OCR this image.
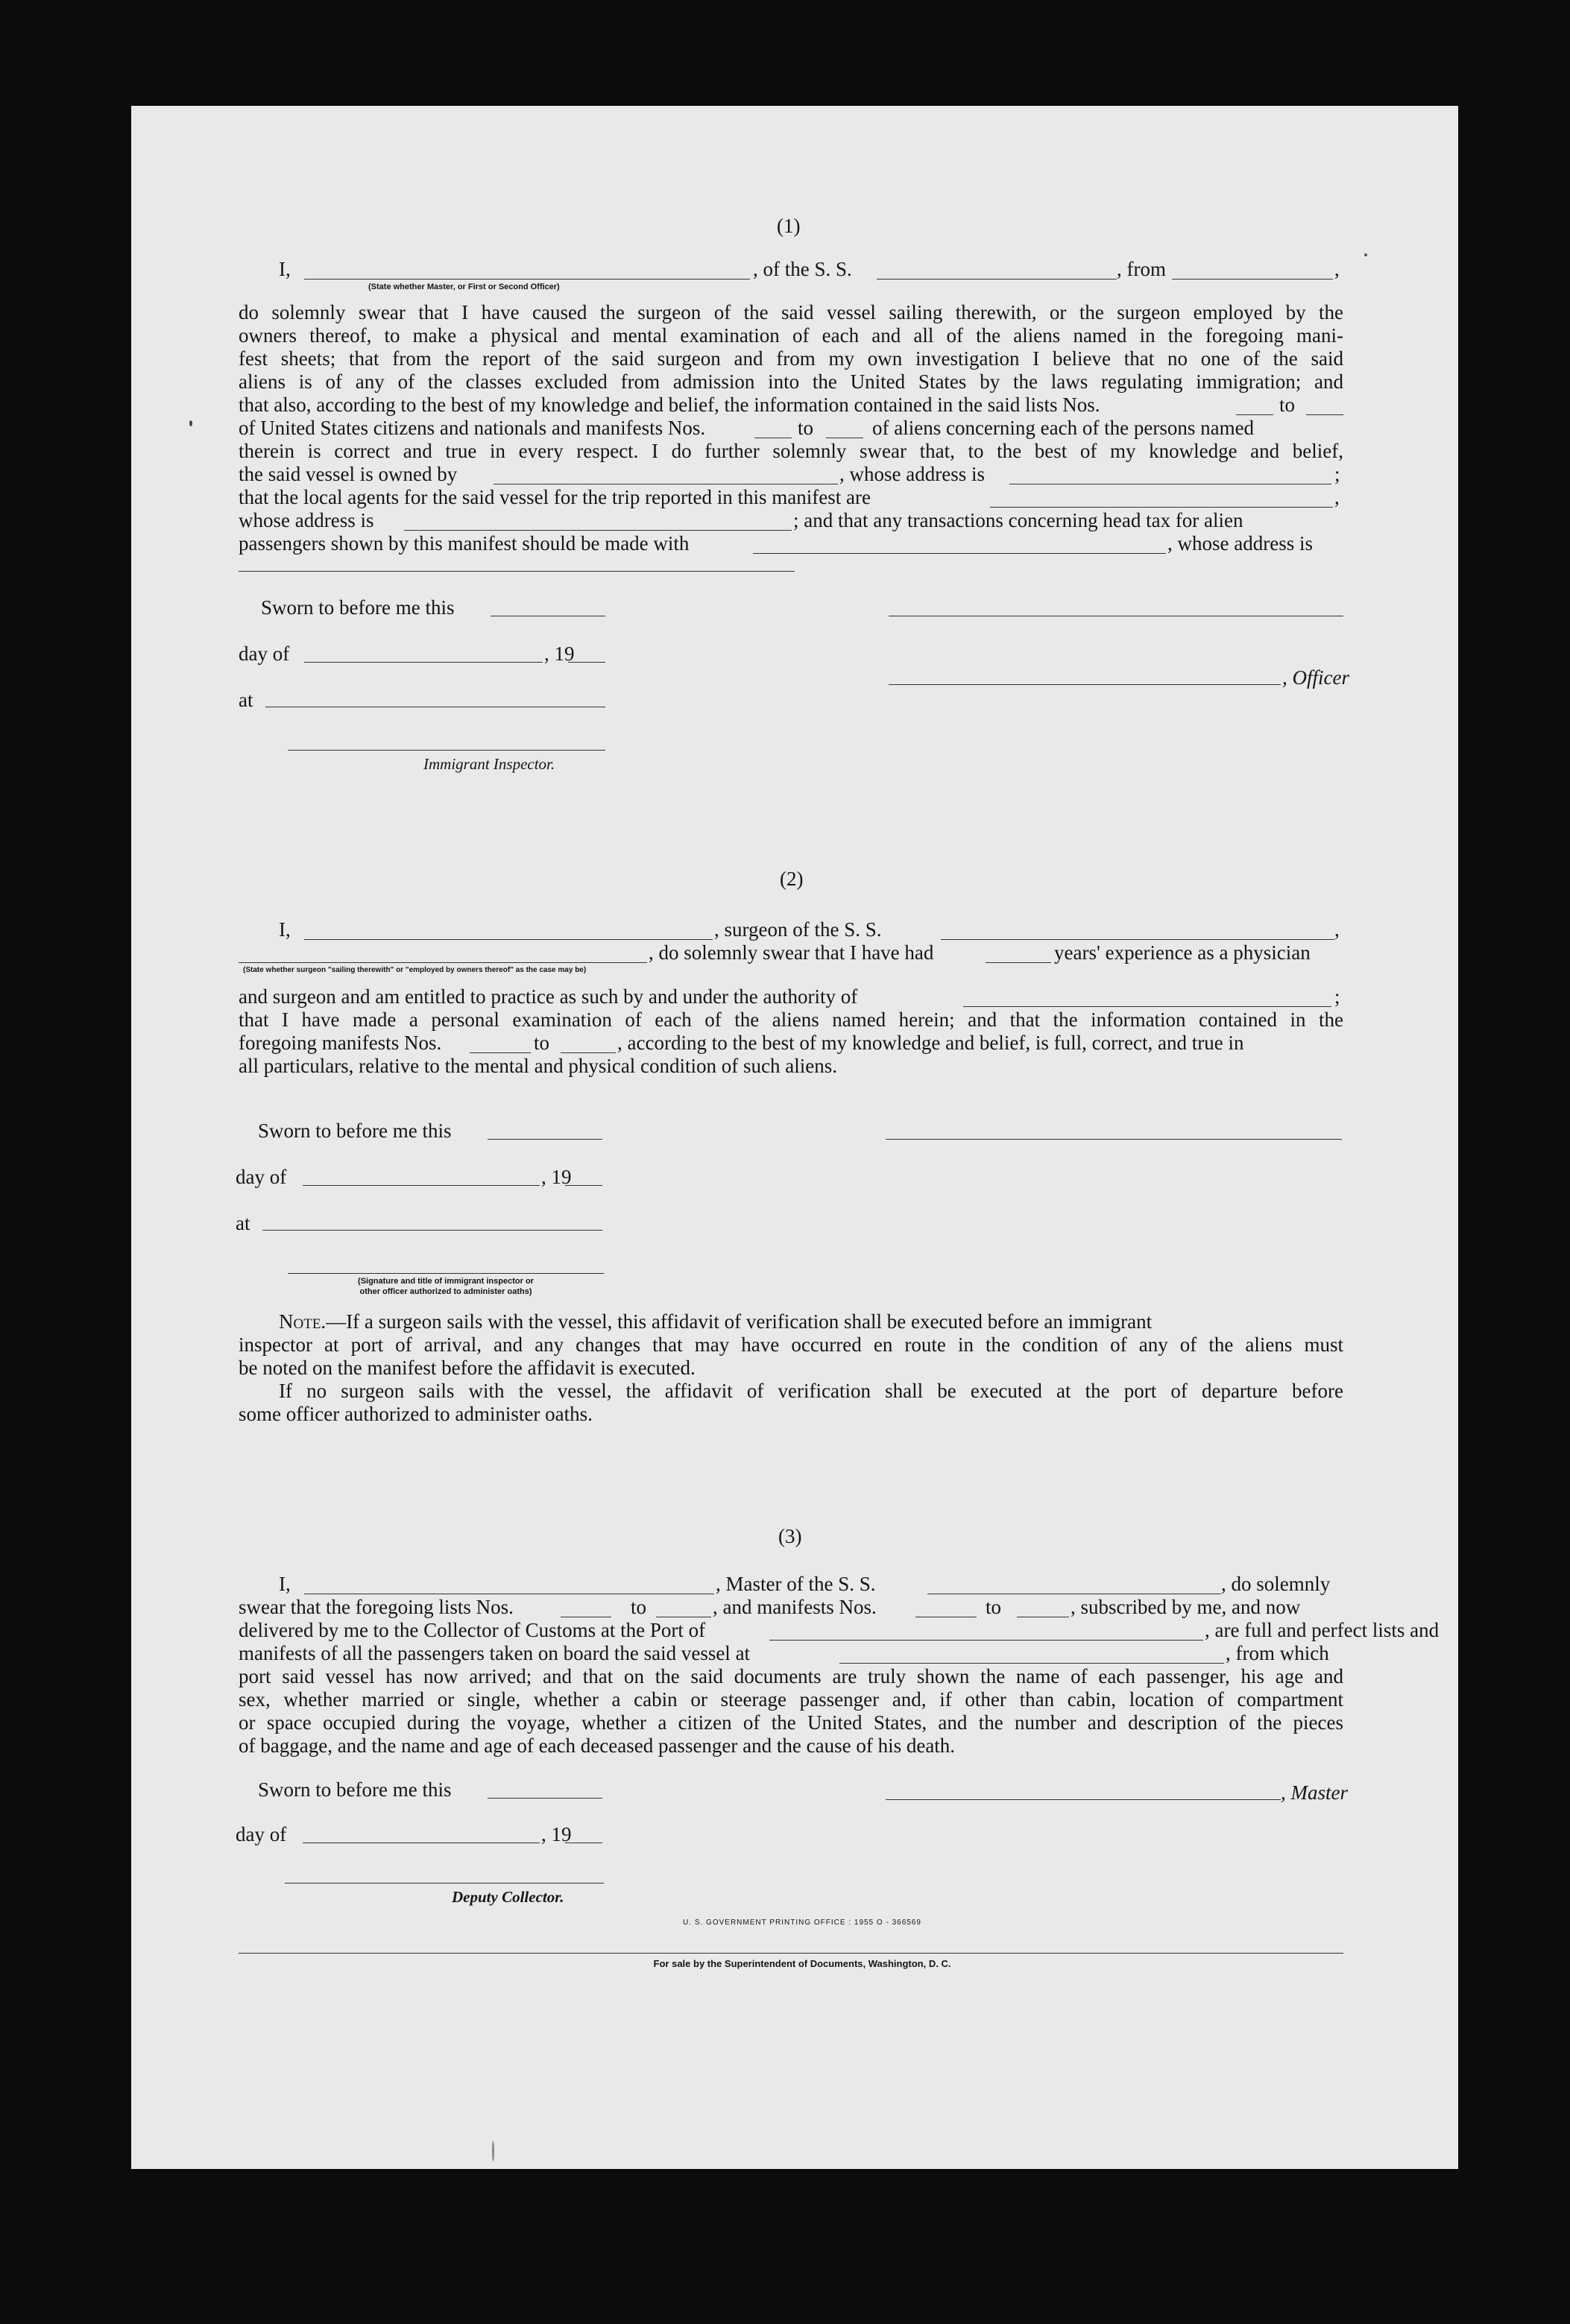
(1)
I,	, of the S. S.	, from	,
(State whether Master, or First or Second Officer)
do solemnly swear that I have caused the surgeon of the said vessel sailing therewith, or the surgeon employed by the
owners thereof, to make a physical and mental examination of each and all of the aliens named in the foregoing mani-
fest sheets; that from the report of the said surgeon and from my own investigation I believe that no one of the said
aliens is of any of the classes excluded from admission into the United States by the laws regulating immigration; and
that also, according to the best of my knowledge and belief, the information contained in the said lists Nos.	to
of United States citizens and nationals and manifests Nos.	to	of aliens concerning each of the persons named
therein is correct and true in every respect. I do further solemnly swear that, to the best of my knowledge and belief,
the said vessel is owned by	, whose address is	;
that the local agents for the said vessel for the trip reported in this manifest are	,
whose address is	; and that any transactions concerning head tax for alien
passengers shown by this manifest should be made with	, whose address is
Sworn to before me this
day of	, 19
, Officer
at
Immigrant Inspector.
(2)
I,	, surgeon of the S. S.	,
, do solemnly swear that I have had	years' experience as a physician
(State whether surgeon "sailing therewith" or "employed by owners thereof" as the case may be)
and surgeon and am entitled to practice as such by and under the authority of	;
that I have made a personal examination of each of the aliens named herein; and that the information contained in the
foregoing manifests Nos.	to	, according to the best of my knowledge and belief, is full, correct, and true in
all particulars, relative to the mental and physical condition of such aliens.
Sworn to before me this
day of	, 19
at
(Signature and title of immigrant inspector or
other officer authorized to administer oaths)
Note.—If a surgeon sails with the vessel, this affidavit of verification shall be executed before an immigrant
inspector at port of arrival, and any changes that may have occurred en route in the condition of any of the aliens must
be noted on the manifest before the affidavit is executed.
If no surgeon sails with the vessel, the affidavit of verification shall be executed at the port of departure before
some officer authorized to administer oaths.
(3)
I,	, Master of the S. S.	, do solemnly
swear that the foregoing lists Nos.	to	, and manifests Nos.	to	, subscribed by me, and now
delivered by me to the Collector of Customs at the Port of	, are full and perfect lists and
manifests of all the passengers taken on board the said vessel at	, from which
port said vessel has now arrived; and that on the said documents are truly shown the name of each passenger, his age and
sex, whether married or single, whether a cabin or steerage passenger and, if other than cabin, location of compartment
or space occupied during the voyage, whether a citizen of the United States, and the number and description of the pieces
of baggage, and the name and age of each deceased passenger and the cause of his death.
Sworn to before me this	, Master
day of	, 19
Deputy Collector.
U. S. GOVERNMENT PRINTING OFFICE : 1955 O - 366569
For sale by the Superintendent of Documents, Washington, D. C.
